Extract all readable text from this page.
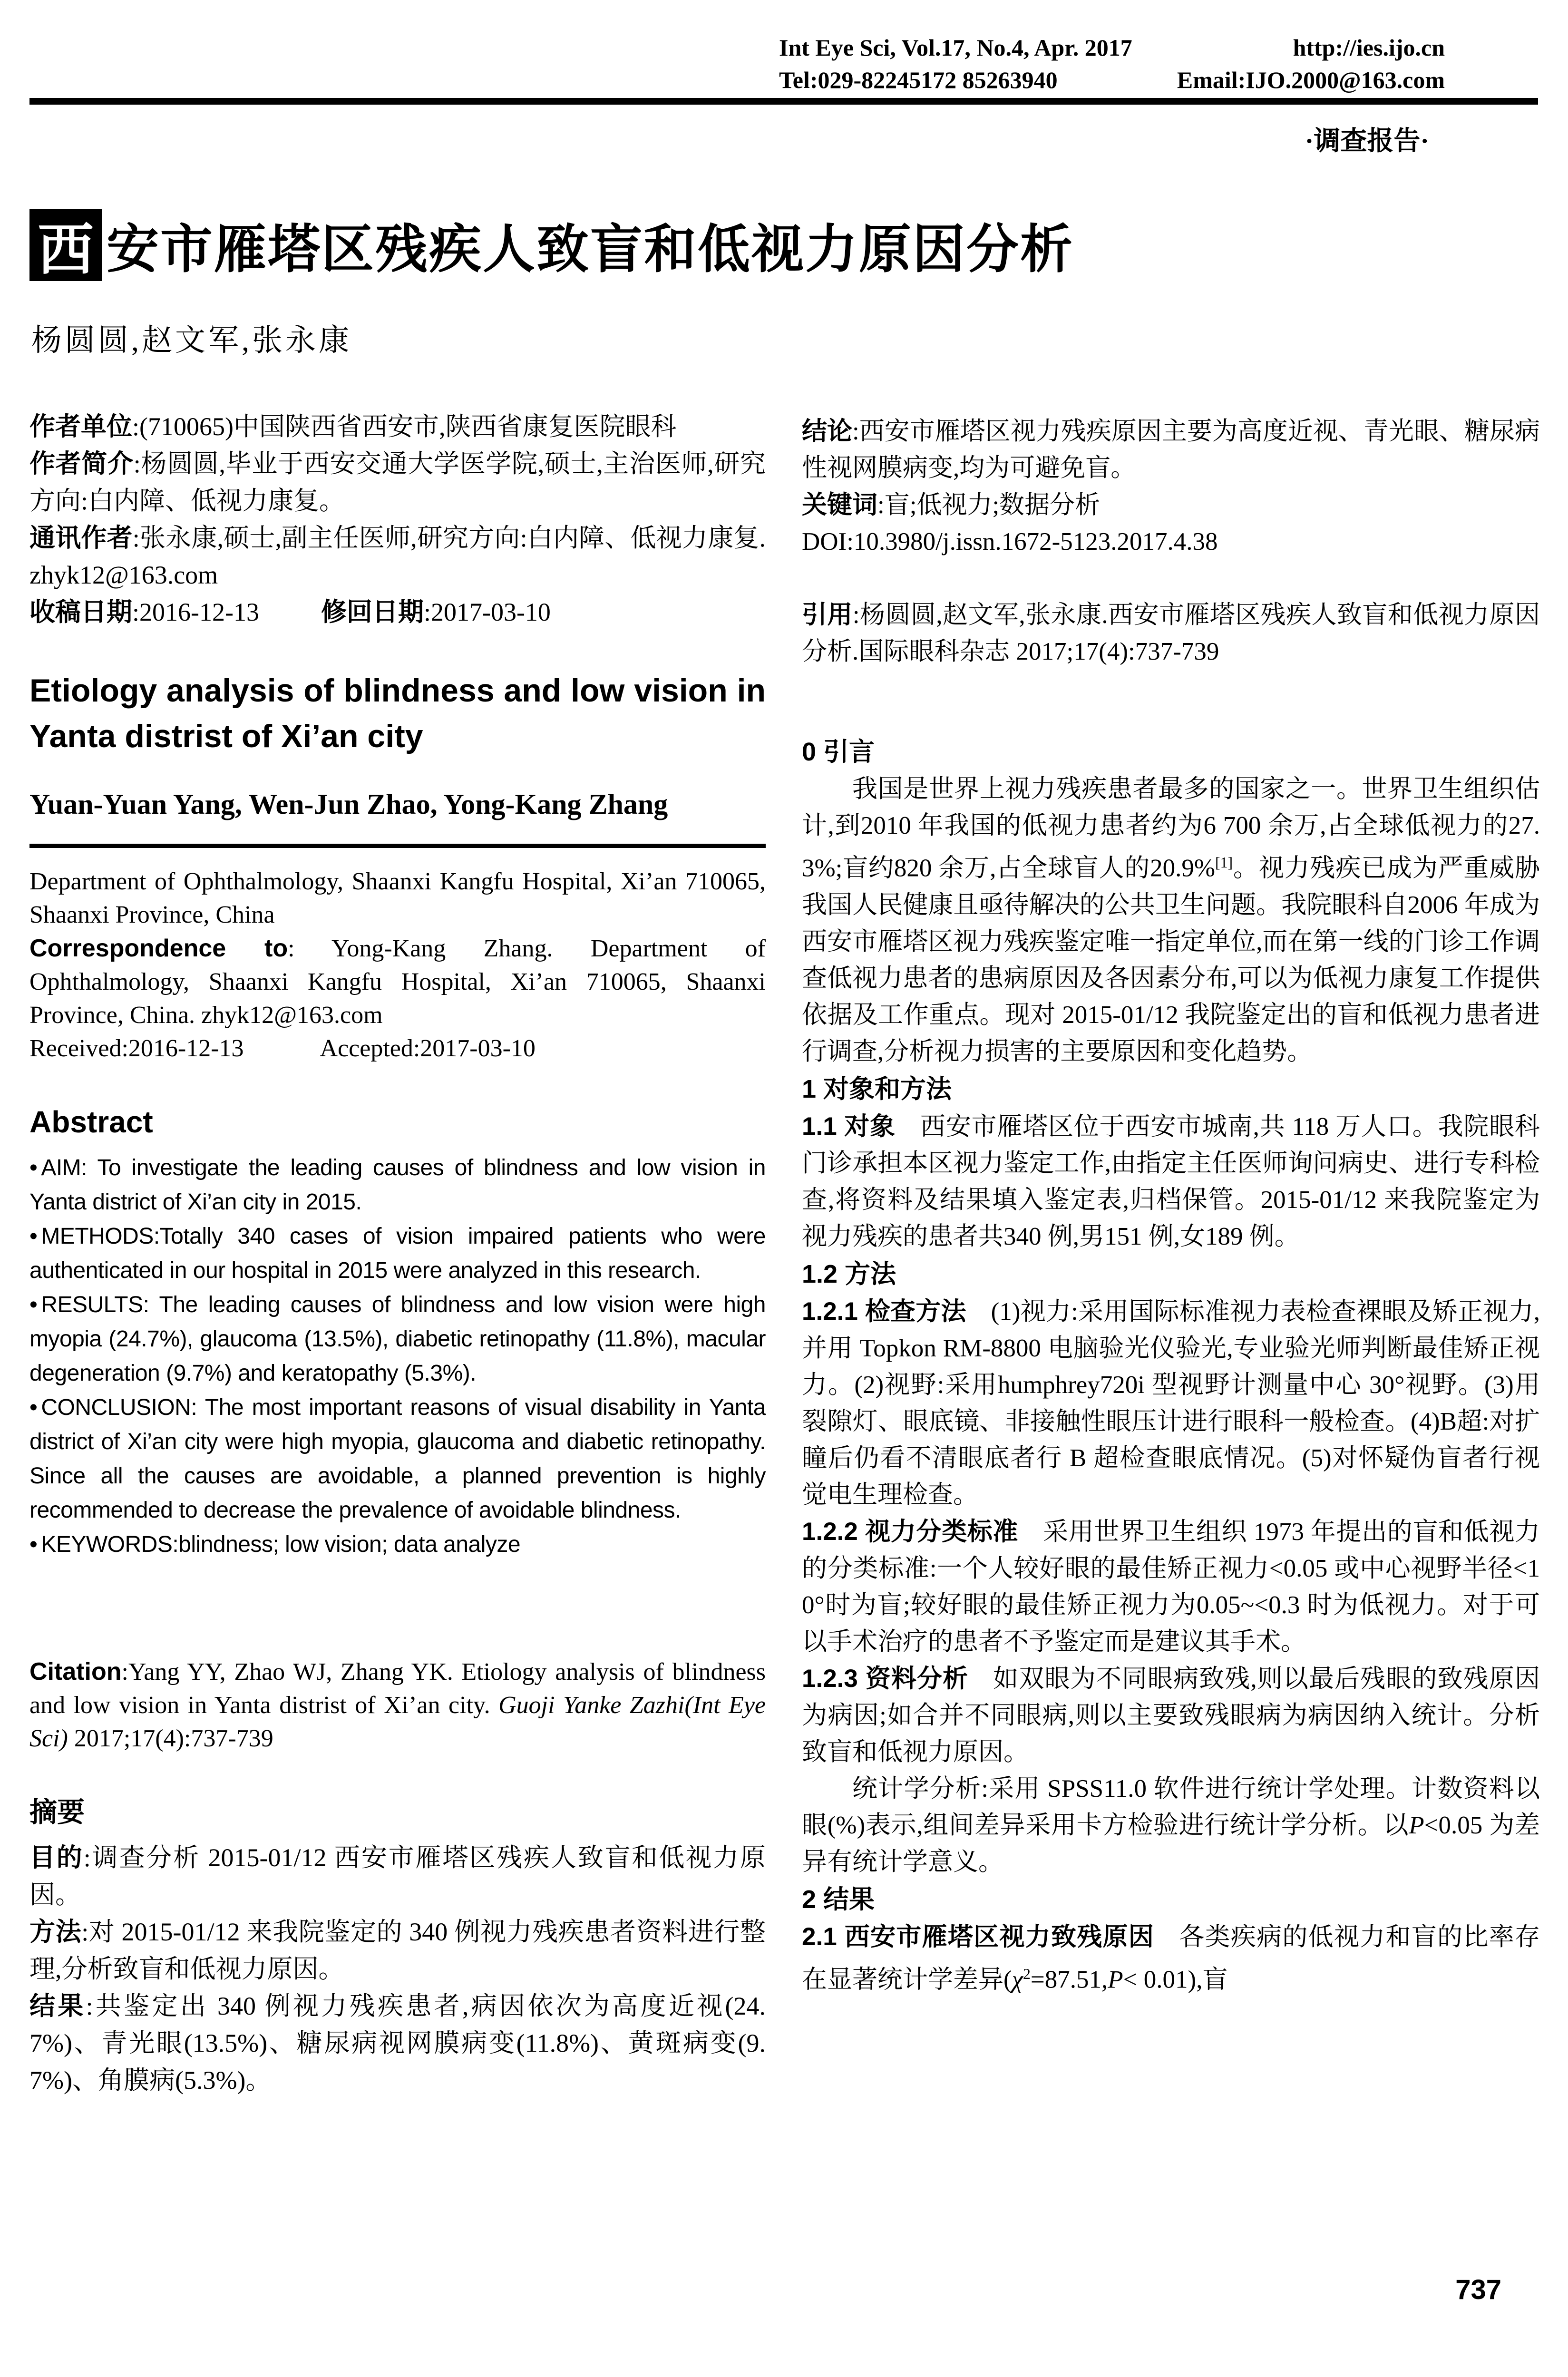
Int Eye Sci, Vol.17, No.4, Apr. 2017	http://ies.ijo.cn
Tel:029-82245172 85263940	Email:IJO.2000@163.com
·调查报告·
西 安市雁塔区残疾人致盲和低视力原因分析
杨圆圆,赵文军,张永康

作者单位:(710065)中国陕西省西安市,陕西省康复医院眼科

作者简介:杨圆圆,毕业于西安交通大学医学院,硕士,主治医师,研究方向:白内障、低视力康复。

通讯作者:张永康,硕士,副主任医师,研究方向:白内障、低视力康复.zhyk12@163.com

收稿日期:2016-12-13 修回日期:2017-03-10

Etiology analysis of blindness and low vision in Yanta distrist of Xi’an city
Yuan-Yuan Yang, Wen-Jun Zhao, Yong-Kang Zhang

Department of Ophthalmology, Shaanxi Kangfu Hospital, Xi’an 710065, Shaanxi Province, China

Correspondence to: Yong-Kang Zhang. Department of Ophthalmology, Shaanxi Kangfu Hospital, Xi’an 710065, Shaanxi Province, China. zhyk12@163.com

Received:2016-12-13	Accepted:2017-03-10

Abstract

• AIM: To investigate the leading causes of blindness and low vision in Yanta district of Xi’an city in 2015.

• METHODS:Totally 340 cases of vision impaired patients who were authenticated in our hospital in 2015 were analyzed in this research.

• RESULTS: The leading causes of blindness and low vision were high myopia (24.7%), glaucoma (13.5%), diabetic retinopathy (11.8%), macular degeneration (9.7%) and keratopathy (5.3%).

• CONCLUSION: The most important reasons of visual disability in Yanta district of Xi’an city were high myopia, glaucoma and diabetic retinopathy. Since all the causes are avoidable, a planned prevention is highly recommended to decrease the prevalence of avoidable blindness.

• KEYWORDS:blindness; low vision; data analyze

Citation:Yang YY, Zhao WJ, Zhang YK. Etiology analysis of blindness and low vision in Yanta distrist of Xi’an city. Guoji Yanke Zazhi(Int Eye Sci) 2017;17(4):737-739

摘要

目的:调查分析 2015-01/12 西安市雁塔区残疾人致盲和低视力原因。

方法:对 2015-01/12 来我院鉴定的 340 例视力残疾患者资料进行整理,分析致盲和低视力原因。

结果:共鉴定出 340 例视力残疾患者,病因依次为高度近视(24.7%)、青光眼(13.5%)、糖尿病视网膜病变(11.8%)、黄斑病变(9.7%)、角膜病(5.3%)。

结论:西安市雁塔区视力残疾原因主要为高度近视、青光眼、糖尿病性视网膜病变,均为可避免盲。

关键词:盲;低视力;数据分析

DOI:10.3980/j.issn.1672-5123.2017.4.38

引用:杨圆圆,赵文军,张永康.西安市雁塔区残疾人致盲和低视力原因分析.国际眼科杂志 2017;17(4):737-739

0 引言

我国是世界上视力残疾患者最多的国家之一。世界卫生组织估计,到2010 年我国的低视力患者约为6 700 余万,占全球低视力的27.3%;盲约820 余万,占全球盲人的20.9%[1]。视力残疾已成为严重威胁我国人民健康且亟待解决的公共卫生问题。我院眼科自2006 年成为西安市雁塔区视力残疾鉴定唯一指定单位,而在第一线的门诊工作调查低视力患者的患病原因及各因素分布,可以为低视力康复工作提供依据及工作重点。现对 2015-01/12 我院鉴定出的盲和低视力患者进行调查,分析视力损害的主要原因和变化趋势。

1 对象和方法

1.1 对象 西安市雁塔区位于西安市城南,共 118 万人口。我院眼科门诊承担本区视力鉴定工作,由指定主任医师询问病史、进行专科检查,将资料及结果填入鉴定表,归档保管。2015-01/12 来我院鉴定为视力残疾的患者共340 例,男151 例,女189 例。

1.2 方法

1.2.1 检查方法 (1)视力:采用国际标准视力表检查裸眼及矫正视力,并用 Topkon RM-8800 电脑验光仪验光,专业验光师判断最佳矫正视力。(2)视野:采用humphrey720i 型视野计测量中心 30°视野。(3)用裂隙灯、眼底镜、非接触性眼压计进行眼科一般检查。(4)B超:对扩瞳后仍看不清眼底者行 B 超检查眼底情况。(5)对怀疑伪盲者行视觉电生理检查。

1.2.2 视力分类标准 采用世界卫生组织 1973 年提出的盲和低视力的分类标准:一个人较好眼的最佳矫正视力<0.05 或中心视野半径<10°时为盲;较好眼的最佳矫正视力为0.05~<0.3 时为低视力。对于可以手术治疗的患者不予鉴定而是建议其手术。

1.2.3 资料分析 如双眼为不同眼病致残,则以最后残眼的致残原因为病因;如合并不同眼病,则以主要致残眼病为病因纳入统计。分析致盲和低视力原因。

统计学分析:采用 SPSS11.0 软件进行统计学处理。计数资料以眼(%)表示,组间差异采用卡方检验进行统计学分析。以P<0.05 为差异有统计学意义。

2 结果

2.1 西安市雁塔区视力致残原因 各类疾病的低视力和盲的比率存在显著统计学差异$(\chi^2=87.51,P< 0.01)$,盲

737
